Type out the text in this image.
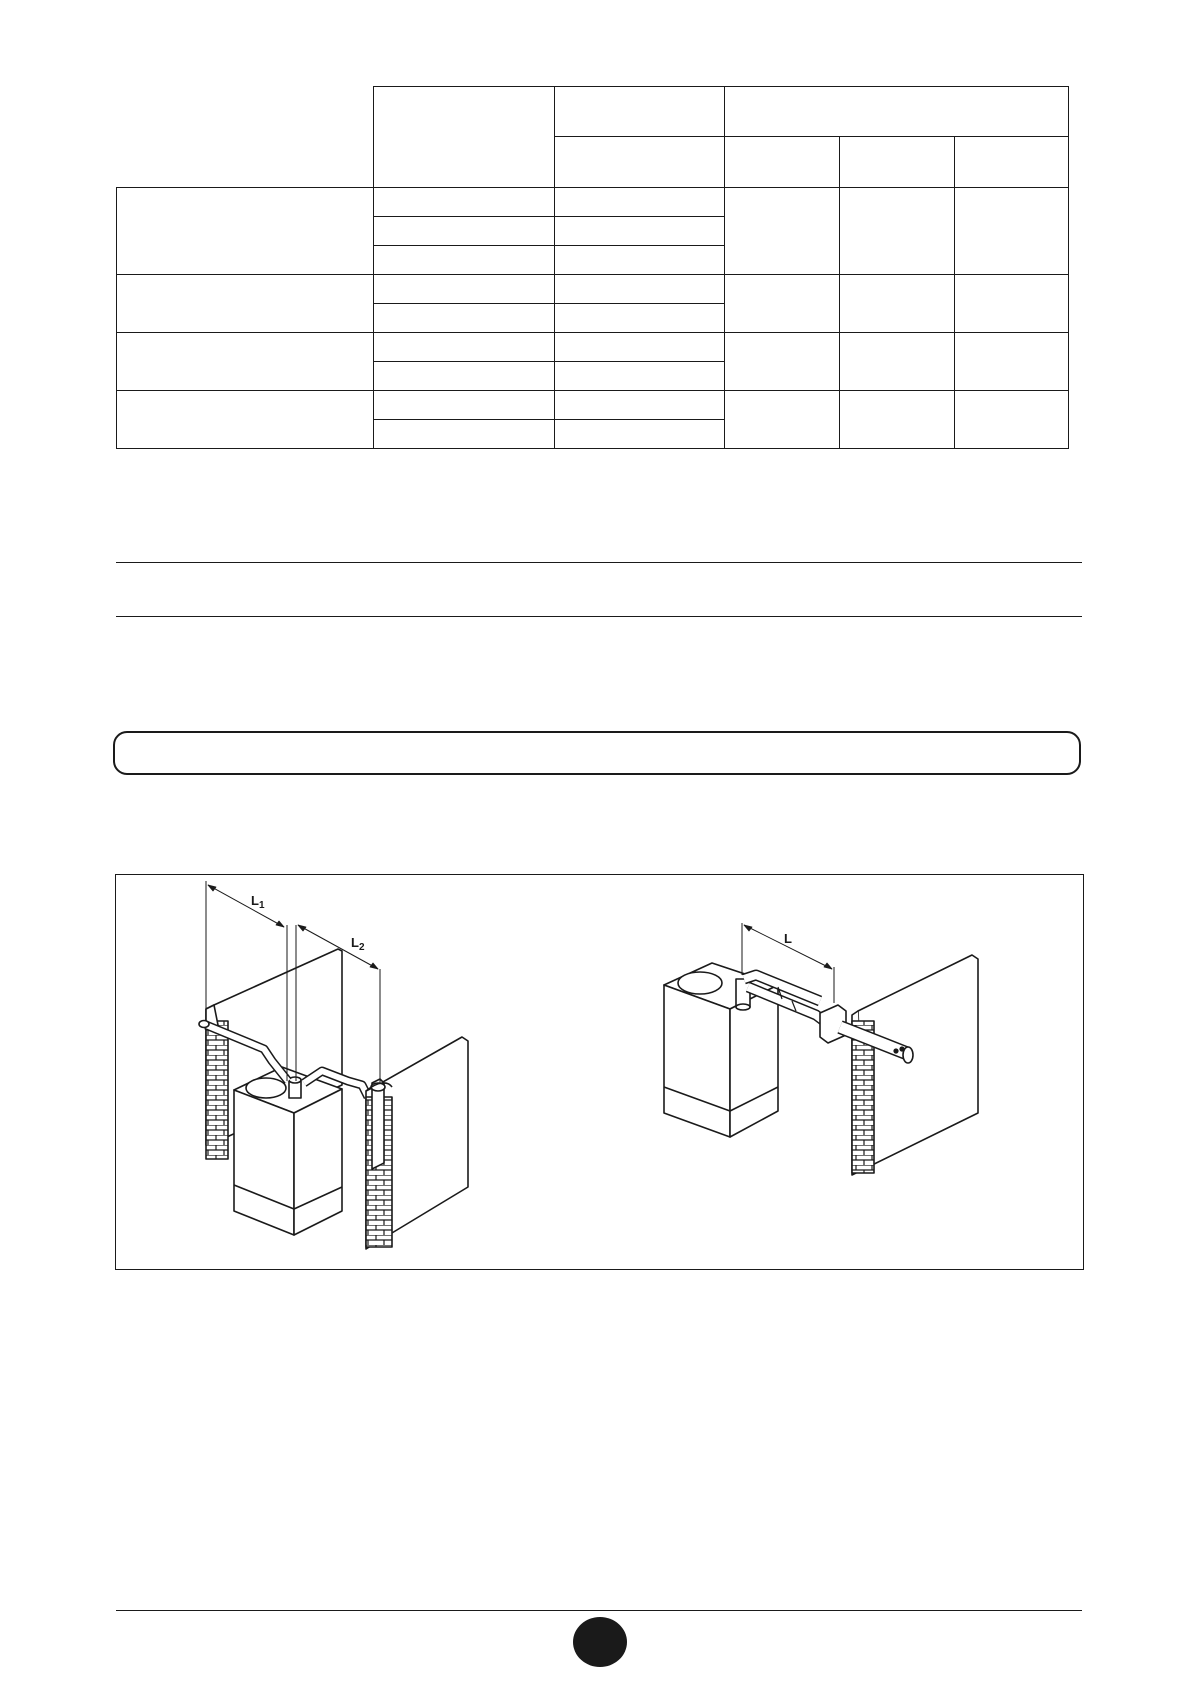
$L_1$
$L_2$
L
